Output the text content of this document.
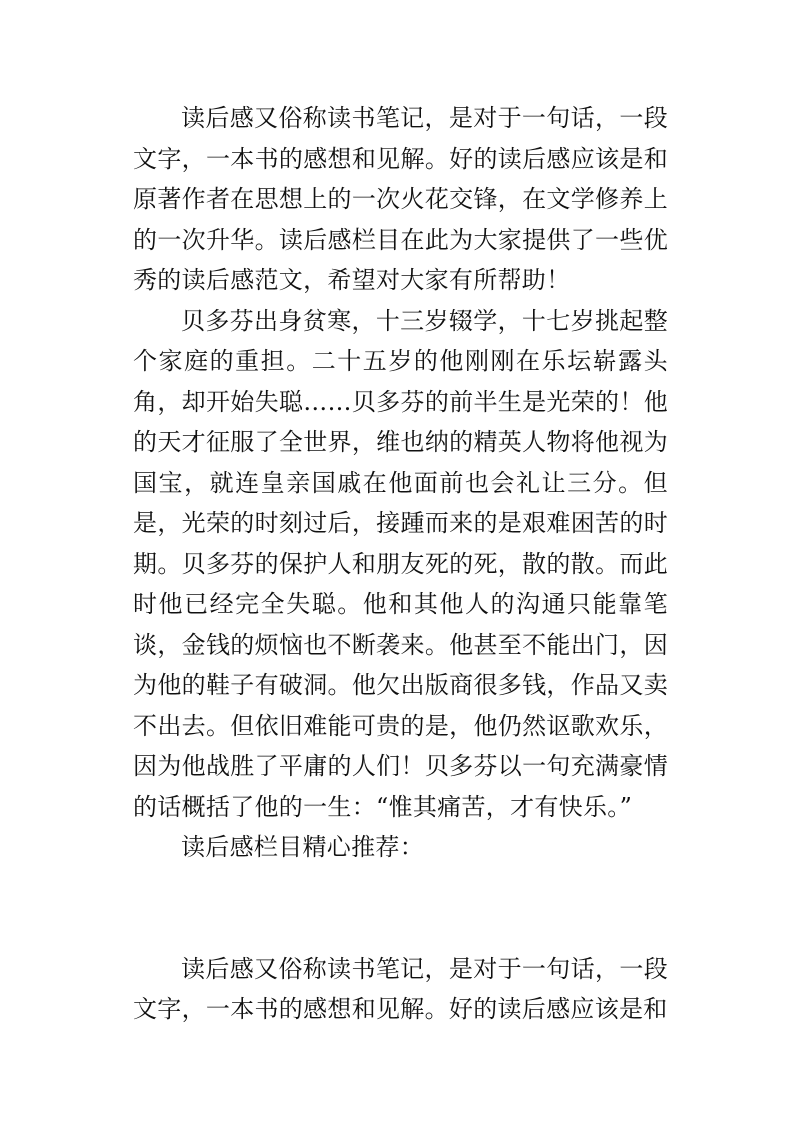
读后感又俗称读书笔记，是对于一句话，一段文字，一本书的感想和见解。好的读后感应该是和原著作者在思想上的一次火花交锋，在文学修养上的一次升华。读后感栏目在此为大家提供了一些优秀的读后感范文，希望对大家有所帮助！

贝多芬出身贫寒，十三岁辍学，十七岁挑起整个家庭的重担。二十五岁的他刚刚在乐坛崭露头角，却开始失聪……贝多芬的前半生是光荣的！他的天才征服了全世界，维也纳的精英人物将他视为国宝，就连皇亲国戚在他面前也会礼让三分。但是，光荣的时刻过后，接踵而来的是艰难困苦的时期。贝多芬的保护人和朋友死的死，散的散。而此时他已经完全失聪。他和其他人的沟通只能靠笔谈，金钱的烦恼也不断袭来。他甚至不能出门，因为他的鞋子有破洞。他欠出版商很多钱，作品又卖不出去。但依旧难能可贵的是，他仍然讴歌欢乐，因为他战胜了平庸的人们！贝多芬以一句充满豪情的话概括了他的一生：“惟其痛苦，才有快乐。”

读后感栏目精心推荐：

读后感又俗称读书笔记，是对于一句话，一段文字，一本书的感想和见解。好的读后感应该是和
